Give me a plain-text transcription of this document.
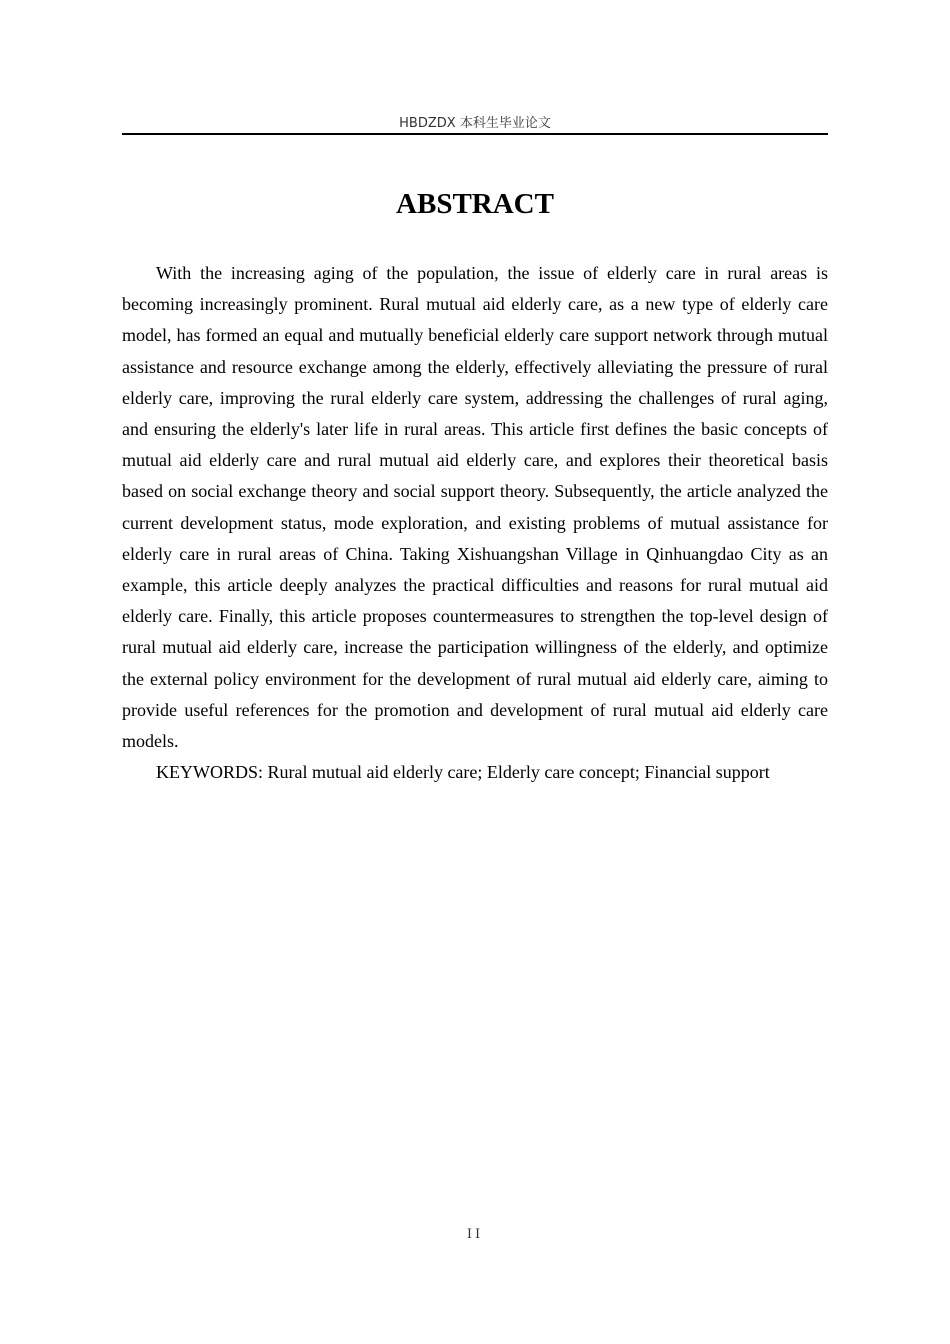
HBDZDX 本科生毕业论文
ABSTRACT

With the increasing aging of the population, the issue of elderly care in rural areas is becoming increasingly prominent. Rural mutual aid elderly care, as a new type of elderly care model, has formed an equal and mutually beneficial elderly care support network through mutual assistance and resource exchange among the elderly, effectively alleviating the pressure of rural elderly care, improving the rural elderly care system, addressing the challenges of rural aging, and ensuring the elderly's later life in rural areas. This article first defines the basic concepts of mutual aid elderly care and rural mutual aid elderly care, and explores their theoretical basis based on social exchange theory and social support theory. Subsequently, the article analyzed the current development status, mode exploration, and existing problems of mutual assistance for elderly care in rural areas of China. Taking Xishuangshan Village in Qinhuangdao City as an example, this article deeply analyzes the practical difficulties and reasons for rural mutual aid elderly care. Finally, this article proposes countermeasures to strengthen the top-level design of rural mutual aid elderly care, increase the participation willingness of the elderly, and optimize the external policy environment for the development of rural mutual aid elderly care, aiming to provide useful references for the promotion and development of rural mutual aid elderly care models.

KEYWORDS: Rural mutual aid elderly care; Elderly care concept; Financial support

II
